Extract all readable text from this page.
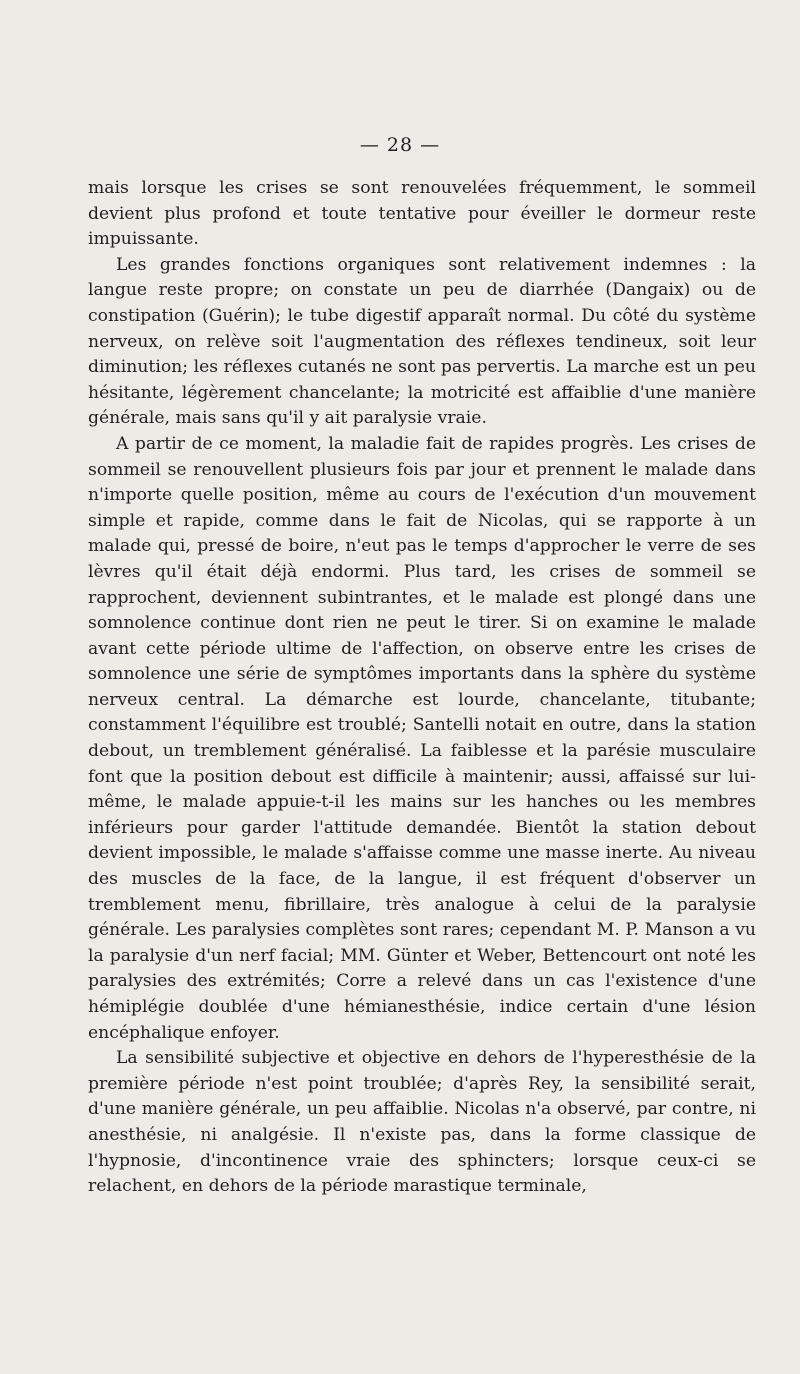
— 28 —

mais lorsque les crises se sont renouvelées fréquemment, le sommeil devient plus profond et toute tentative pour éveiller le dormeur reste impuissante.

Les grandes fonctions organiques sont relativement indemnes : la langue reste propre; on constate un peu de diarrhée (Dangaix) ou de constipation (Guérin); le tube digestif apparaît normal. Du côté du système nerveux, on relève soit l'augmentation des réflexes tendineux, soit leur diminution; les réflexes cutanés ne sont pas pervertis. La marche est un peu hésitante, légèrement chancelante; la motricité est affaiblie d'une manière générale, mais sans qu'il y ait paralysie vraie.

A partir de ce moment, la maladie fait de rapides progrès. Les crises de sommeil se renouvellent plusieurs fois par jour et prennent le malade dans n'importe quelle position, même au cours de l'exécution d'un mouvement simple et rapide, comme dans le fait de Nicolas, qui se rapporte à un malade qui, pressé de boire, n'eut pas le temps d'approcher le verre de ses lèvres qu'il était déjà endormi. Plus tard, les crises de sommeil se rapprochent, deviennent subintrantes, et le malade est plongé dans une somnolence continue dont rien ne peut le tirer. Si on examine le malade avant cette période ultime de l'affection, on observe entre les crises de somnolence une série de symptômes importants dans la sphère du système nerveux central. La démarche est lourde, chancelante, titubante; constamment l'équilibre est troublé; Santelli notait en outre, dans la station debout, un tremblement généralisé. La faiblesse et la parésie musculaire font que la position debout est difficile à maintenir; aussi, affaissé sur lui-même, le malade appuie-t-il les mains sur les hanches ou les membres inférieurs pour garder l'attitude demandée. Bientôt la station debout devient impossible, le malade s'affaisse comme une masse inerte. Au niveau des muscles de la face, de la langue, il est fréquent d'observer un tremblement menu, fibrillaire, très analogue à celui de la paralysie générale. Les paralysies complètes sont rares; cependant M. P. Manson a vu la paralysie d'un nerf facial; MM. Günter et Weber, Bettencourt ont noté les paralysies des extrémités; Corre a relevé dans un cas l'existence d'une hémiplégie doublée d'une hémianesthésie, indice certain d'une lésion encéphalique enfoyer.

La sensibilité subjective et objective en dehors de l'hyperesthésie de la première période n'est point troublée; d'après Rey, la sensibilité serait, d'une manière générale, un peu affaiblie. Nicolas n'a observé, par contre, ni anesthésie, ni analgésie. Il n'existe pas, dans la forme classique de l'hypnosie, d'incontinence vraie des sphincters; lorsque ceux-ci se relachent, en dehors de la période marastique terminale,
